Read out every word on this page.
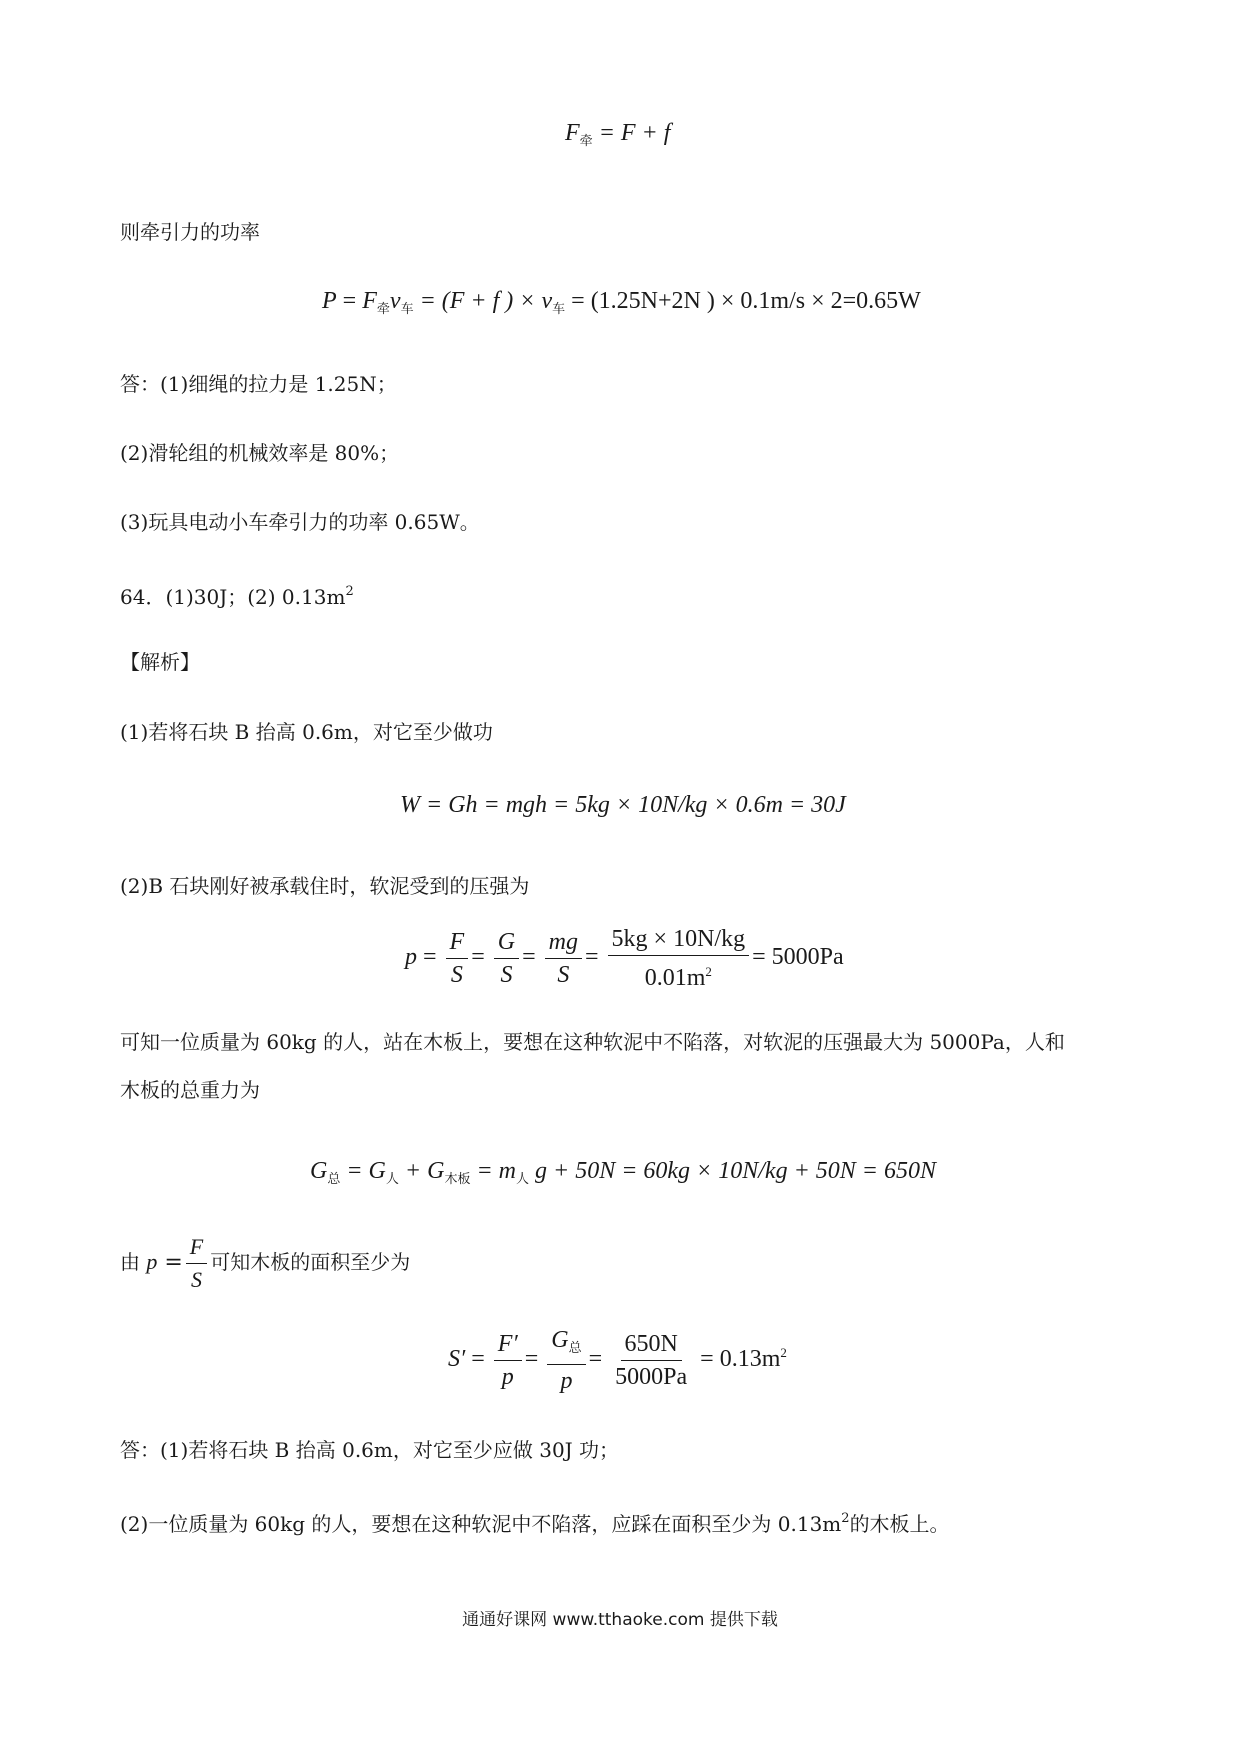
$F_牵 = F + f$
则牵引力的功率
$P = F_牵v_车 = (F + f$ ) × $v_车 = (1.25N+2N$ ) × 0.1m/s × 2=0.65W
答：(1)细绳的拉力是 1.25N；
(2)滑轮组的机械效率是 80%；
(3)玩具电动小车牵引力的功率 0.65W。
64．(1)30J；(2) $0.13m^2$
【解析】
(1)若将石块 B 抬高 0.6m，对它至少做功
W = Gh = mgh = 5kg × 10N/kg × 0.6m = 30J
(2)B 石块刚好被承载住时，软泥受到的压强为
$p = \frac{F}{S} = \frac{G}{S} = \frac{mg}{S} = \frac{5kg \times 10N/kg}{0.01m^2} = 5000Pa$
可知一位质量为 60kg 的人，站在木板上，要想在这种软泥中不陷落，对软泥的压强最大为 5000Pa，人和
木板的总重力为
$G_总 = G_人 + G_{木板} = m_人$ g + 50N = 60kg × 10N/kg + 50N = 650N
由 $p = \frac{F}{S}$ 可知木板的面积至少为
$S' = \frac{F'}{p} = \frac{G_总}{p} = \frac{650N}{5000Pa} = 0.13m^2$
答：(1)若将石块 B 抬高 0.6m，对它至少应做 30J 功；
(2)一位质量为 60kg 的人，要想在这种软泥中不陷落，应踩在面积至少为 $0.13m^2$的木板上。
通通好课网 www.tthaoke.com 提供下载
